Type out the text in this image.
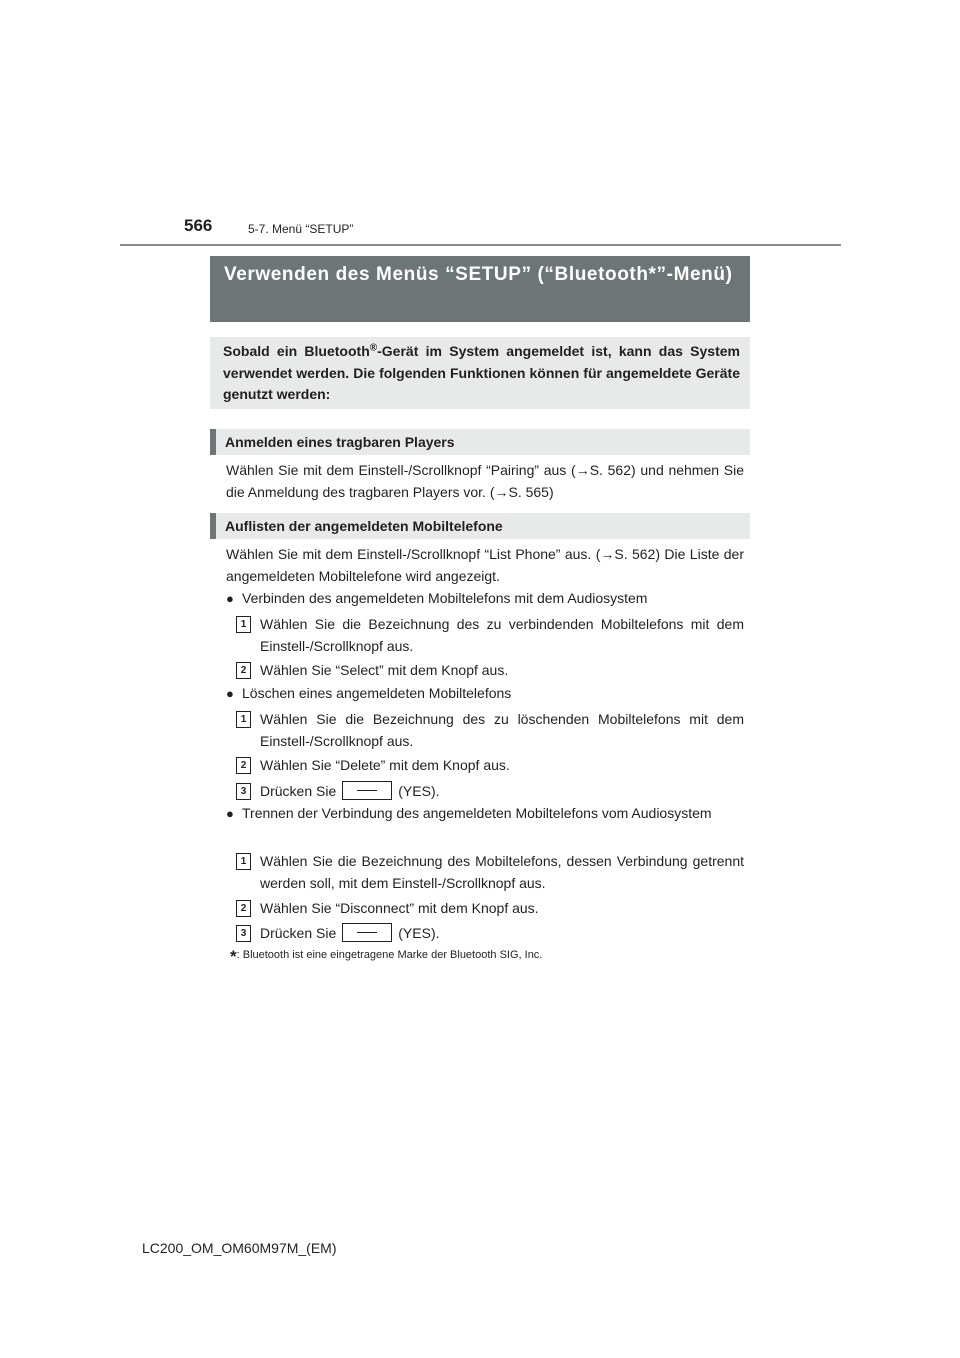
566	5-7. Menü “SETUP”
Verwenden des Menüs “SETUP” (“Bluetooth*”-Menü)
Sobald ein Bluetooth®-Gerät im System angemeldet ist, kann das System verwendet werden. Die folgenden Funktionen können für angemeldete Geräte genutzt werden:
Anmelden eines tragbaren Players
Wählen Sie mit dem Einstell-/Scrollknopf “Pairing” aus (→S. 562) und nehmen Sie die Anmeldung des tragbaren Players vor. (→S. 565)
Auflisten der angemeldeten Mobiltelefone
Wählen Sie mit dem Einstell-/Scrollknopf “List Phone” aus. (→S. 562) Die Liste der angemeldeten Mobiltelefone wird angezeigt.
● Verbinden des angemeldeten Mobiltelefons mit dem Audiosystem
1 Wählen Sie die Bezeichnung des zu verbindenden Mobiltelefons mit dem Einstell-/Scrollknopf aus.
2 Wählen Sie “Select” mit dem Knopf aus.
● Löschen eines angemeldeten Mobiltelefons
1 Wählen Sie die Bezeichnung des zu löschenden Mobiltelefons mit dem Einstell-/Scrollknopf aus.
2 Wählen Sie “Delete” mit dem Knopf aus.
3 Drücken Sie	(YES).
● Trennen der Verbindung des angemeldeten Mobiltelefons vom Audiosystem
1 Wählen Sie die Bezeichnung des Mobiltelefons, dessen Verbindung getrennt werden soll, mit dem Einstell-/Scrollknopf aus.
2 Wählen Sie “Disconnect” mit dem Knopf aus.
3 Drücken Sie	(YES).
*: Bluetooth ist eine eingetragene Marke der Bluetooth SIG, Inc.
LC200_OM_OM60M97M_(EM)
